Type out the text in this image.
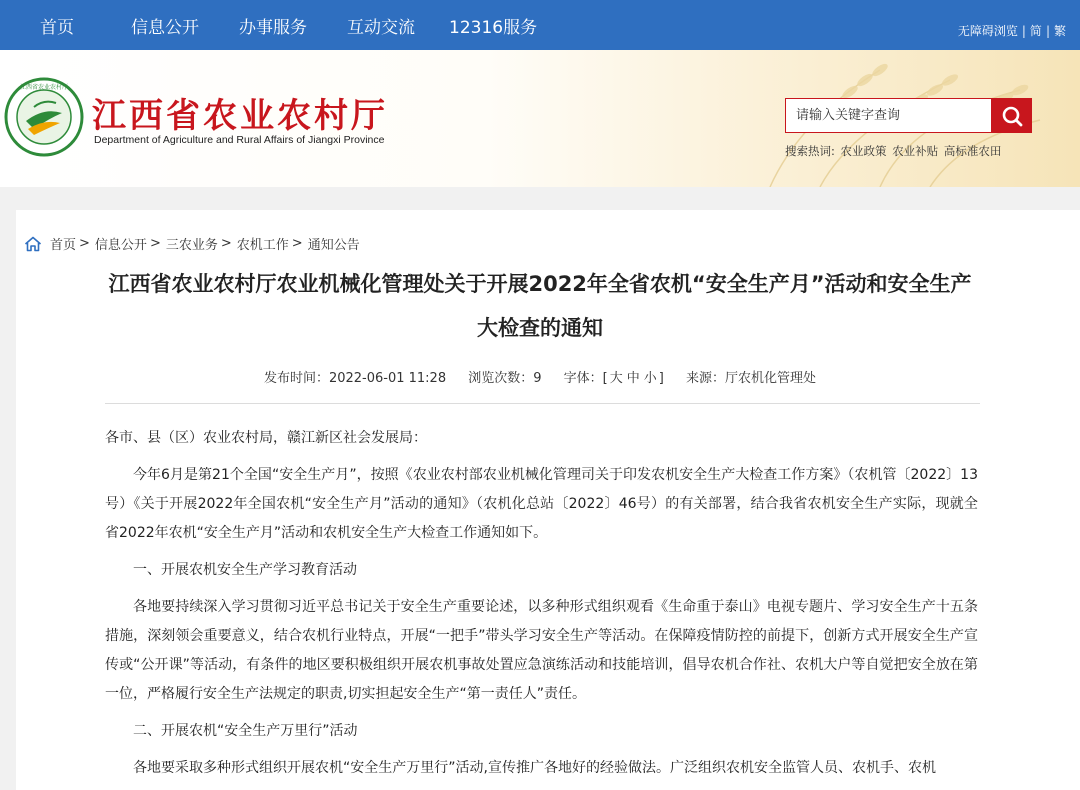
首页	信息公开 办事服务 互动交流 12316服务	无障碍浏览 | 简 | 繁
江西省农业农村厅
江西省农业农村厅
Department of Agriculture and Rural Affairs of Jiangxi Province
请输入关键字查询
搜索热词: 农业政策 农业补贴 高标准农田
首页 > 信息公开 > 三农业务 > 农机工作 > 通知公告
江西省农业农村厅农业机械化管理处关于开展2022年全省农机“安全生产月”活动和安全生产大检查的通知
发布时间：2022-06-01 11:28 浏览次数：9 字体：[ 大 中 小 ] 来源：厅农机化管理处

各市、县（区）农业农村局，赣江新区社会发展局：

今年6月是第21个全国“安全生产月”，按照《农业农村部农业机械化管理司关于印发农机安全生产大检查工作方案》（农机管〔2022〕13号）《关于开展2022年全国农机“安全生产月”活动的通知》（农机化总站〔2022〕46号）的有关部署，结合我省农机安全生产实际，现就全省2022年农机“安全生产月”活动和农机安全生产大检查工作通知如下。

一、开展农机安全生产学习教育活动

各地要持续深入学习贯彻习近平总书记关于安全生产重要论述，以多种形式组织观看《生命重于泰山》电视专题片、学习安全生产十五条措施，深刻领会重要意义，结合农机行业特点，开展“一把手”带头学习安全生产等活动。在保障疫情防控的前提下，创新方式开展安全生产宣传或“公开课”等活动，有条件的地区要积极组织开展农机事故处置应急演练活动和技能培训，倡导农机合作社、农机大户等自觉把安全放在第一位，严格履行安全生产法规定的职责,切实担起安全生产“第一责任人”责任。

二、开展农机“安全生产万里行”活动

各地要采取多种形式组织开展农机“安全生产万里行”活动,宣传推广各地好的经验做法。广泛组织农机安全监管人员、农机手、农机
